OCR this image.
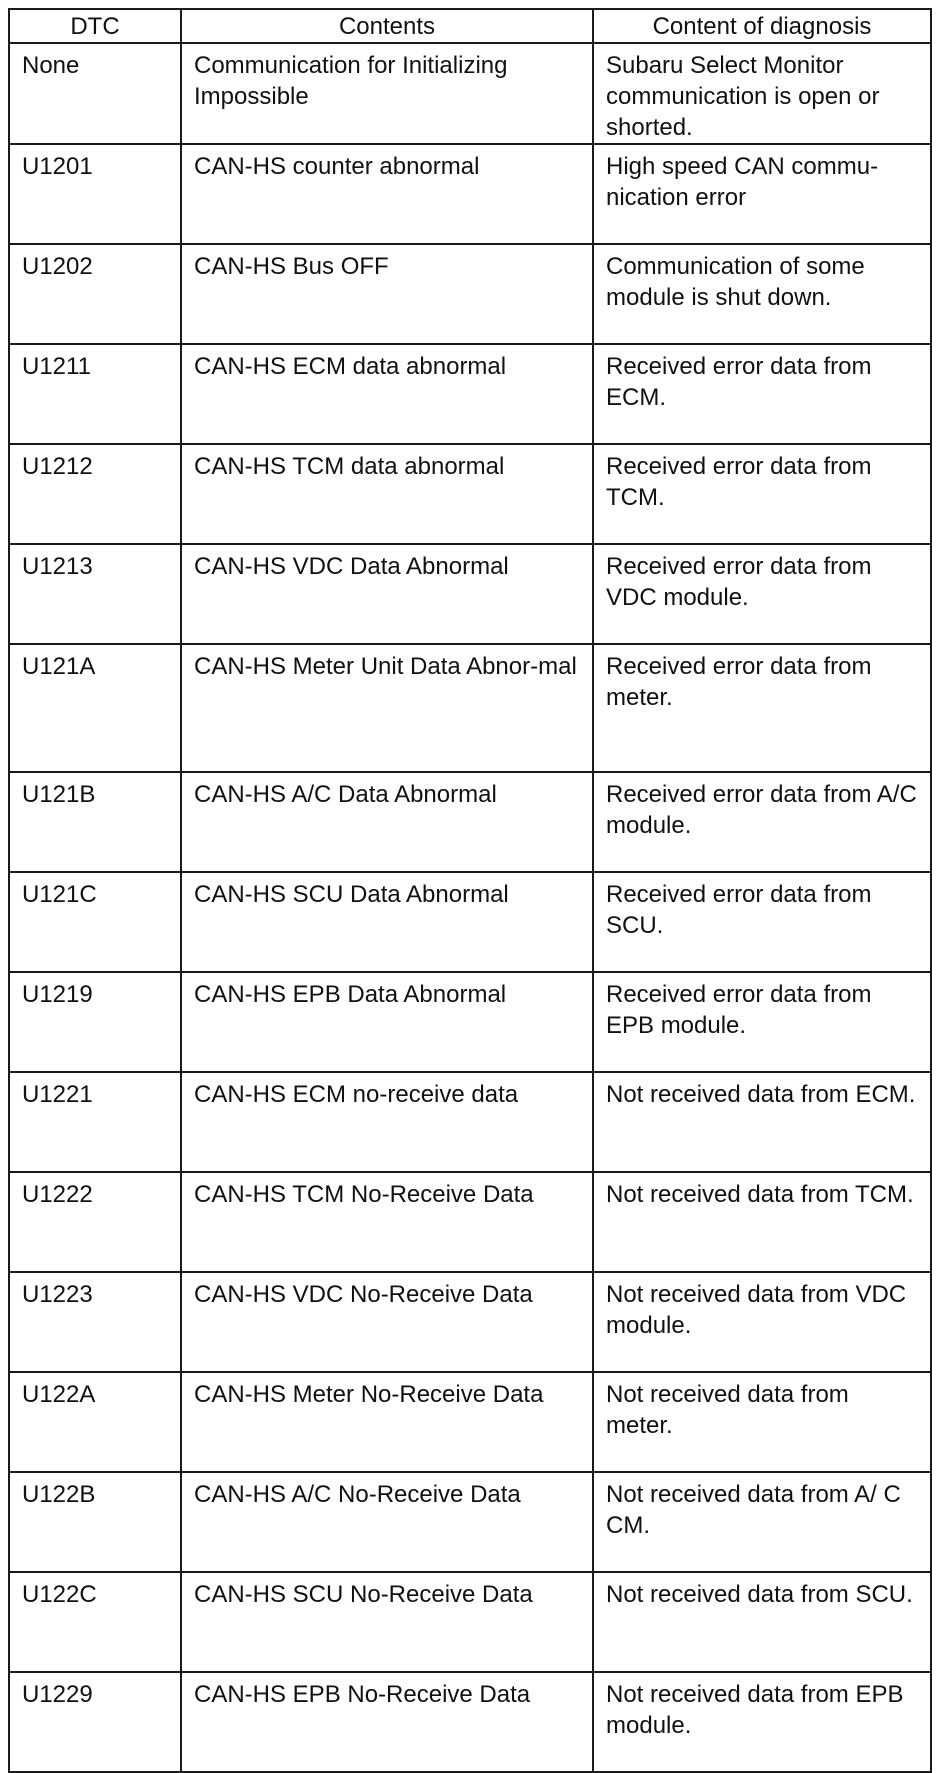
DTC	Contents	Content of diagnosis
None	Communication for Initializing Impossible	Subaru Select Monitor communication is open or shorted.
U1201	CAN-HS counter abnormal	High speed CAN commu-nication error
U1202	CAN-HS Bus OFF	Communication of some module is shut down.
U1211	CAN-HS ECM data abnormal	Received error data from ECM.
U1212	CAN-HS TCM data abnormal	Received error data from TCM.
U1213	CAN-HS VDC Data Abnormal	Received error data from VDC module.
U121A	CAN-HS Meter Unit Data Abnor-mal	Received error data from meter.
U121B	CAN-HS A/C Data Abnormal	Received error data from A/C module.
U121C	CAN-HS SCU Data Abnormal	Received error data from SCU.
U1219	CAN-HS EPB Data Abnormal	Received error data from EPB module.
U1221	CAN-HS ECM no-receive data	Not received data from ECM.
U1222	CAN-HS TCM No-Receive Data	Not received data from TCM.
U1223	CAN-HS VDC No-Receive Data	Not received data from VDC module.
U122A	CAN-HS Meter No-Receive Data	Not received data from meter.
U122B	CAN-HS A/C No-Receive Data	Not received data from A/ C CM.
U122C	CAN-HS SCU No-Receive Data	Not received data from SCU.
U1229	CAN-HS EPB No-Receive Data	Not received data from EPB module.
